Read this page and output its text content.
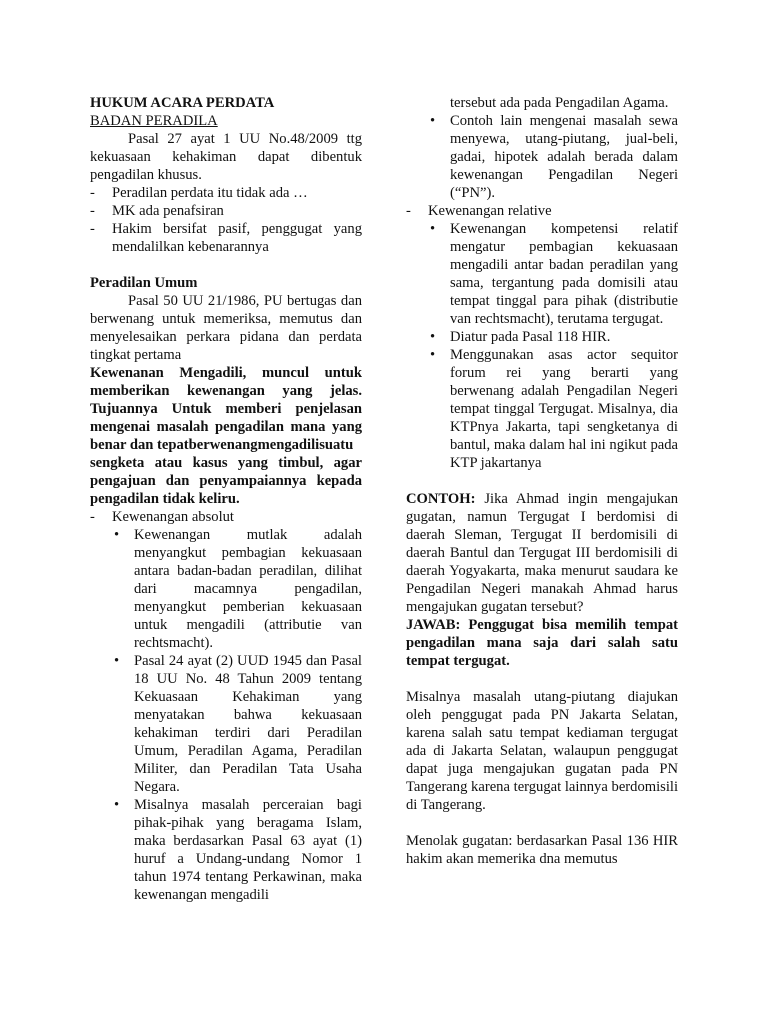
HUKUM ACARA PERDATA

BADAN PERADILA

Pasal 27 ayat 1 UU No.48/2009 ttg kekuasaan kehakiman dapat dibentuk pengadilan khusus.

- Peradilan perdata itu tidak ada …
- MK ada penafsiran
- Hakim bersifat pasif, penggugat yang mendalilkan kebenarannya

Peradilan Umum

Pasal 50 UU 21/1986, PU bertugas dan berwenang untuk memeriksa, memutus dan menyelesaikan perkara pidana dan perdata tingkat pertama

Kewenanan Mengadili, muncul untuk memberikan kewenangan yang jelas. Tujuannya Untuk memberi penjelasan mengenai masalah pengadilan mana yang benar dan tepatberwenangmengadilisuatu

sengketa atau kasus yang timbul, agar pengajuan dan penyampaiannya kepada pengadilan tidak keliru.

- Kewenangan absolut
• Kewenangan mutlak adalah menyangkut pembagian kekuasaan antara badan-badan peradilan, dilihat dari macamnya pengadilan, menyangkut pemberian kekuasaan untuk mengadili (attributie van rechtsmacht).
• Pasal 24 ayat (2) UUD 1945 dan Pasal 18 UU No. 48 Tahun 2009 tentang Kekuasaan Kehakiman yang menyatakan bahwa kekuasaan kehakiman terdiri dari Peradilan Umum, Peradilan Agama, Peradilan Militer, dan Peradilan Tata Usaha Negara.
• Misalnya masalah perceraian bagi pihak-pihak yang beragama Islam, maka berdasarkan Pasal 63 ayat (1) huruf a Undang-undang Nomor 1 tahun 1974 tentang Perkawinan, maka kewenangan mengadili

tersebut ada pada Pengadilan Agama.

• Contoh lain mengenai masalah sewa menyewa, utang-piutang, jual-beli, gadai, hipotek adalah berada dalam kewenangan Pengadilan Negeri (“PN”).
- Kewenangan relative
• Kewenangan kompetensi relatif mengatur pembagian kekuasaan mengadili antar badan peradilan yang sama, tergantung pada domisili atau tempat tinggal para pihak (distributie van rechtsmacht), terutama tergugat.
• Diatur pada Pasal 118 HIR.
• Menggunakan asas actor sequitor forum rei yang berarti yang berwenang adalah Pengadilan Negeri tempat tinggal Tergugat. Misalnya, dia KTPnya Jakarta, tapi sengketanya di bantul, maka dalam hal ini ngikut pada KTP jakartanya

CONTOH: Jika Ahmad ingin mengajukan gugatan, namun Tergugat I berdomisi di daerah Sleman, Tergugat II berdomisili di daerah Bantul dan Tergugat III berdomisili di daerah Yogyakarta, maka menurut saudara ke Pengadilan Negeri manakah Ahmad harus mengajukan gugatan tersebut?

JAWAB: Penggugat bisa memilih tempat pengadilan mana saja dari salah satu tempat tergugat.

Misalnya masalah utang-piutang diajukan oleh penggugat pada PN Jakarta Selatan, karena salah satu tempat kediaman tergugat ada di Jakarta Selatan, walaupun penggugat dapat juga mengajukan gugatan pada PN Tangerang karena tergugat lainnya berdomisili di Tangerang.

Menolak gugatan: berdasarkan Pasal 136 HIR hakim akan memerika dna memutus
